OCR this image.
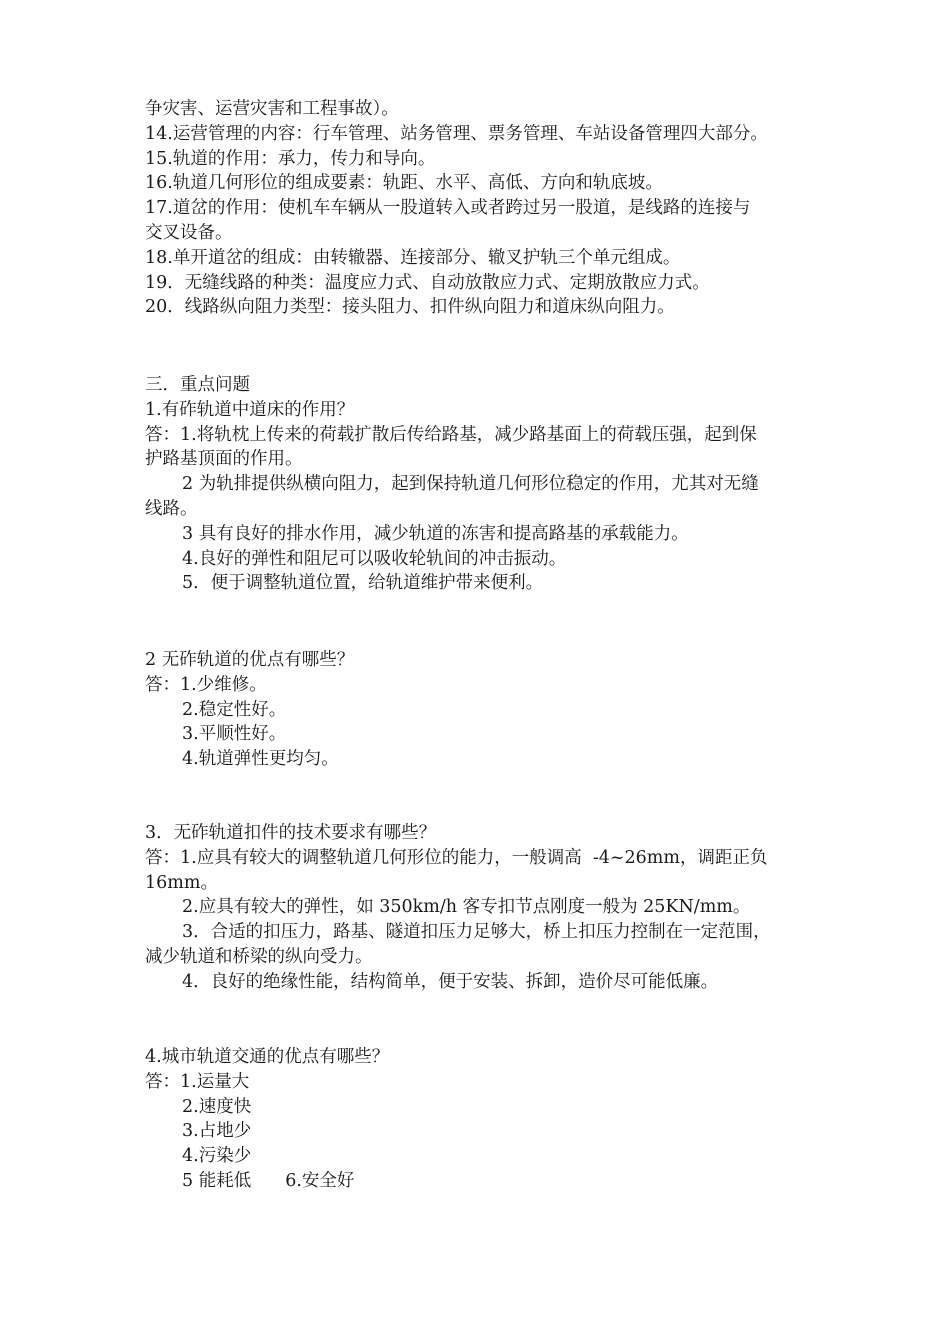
争灾害、运营灾害和工程事故）。
14.运营管理的内容：行车管理、站务管理、票务管理、车站设备管理四大部分。
15.轨道的作用：承力，传力和导向。
16.轨道几何形位的组成要素：轨距、水平、高低、方向和轨底坡。
17.道岔的作用：使机车车辆从一股道转入或者跨过另一股道，是线路的连接与
交叉设备。
18.单开道岔的组成：由转辙器、连接部分、辙叉护轨三个单元组成。
19．无缝线路的种类：温度应力式、自动放散应力式、定期放散应力式。
20．线路纵向阻力类型：接头阻力、扣件纵向阻力和道床纵向阻力。
三．重点问题
1.有砟轨道中道床的作用？
答：1.将轨枕上传来的荷载扩散后传给路基，减少路基面上的荷载压强，起到保
护路基顶面的作用。
2 为轨排提供纵横向阻力，起到保持轨道几何形位稳定的作用，尤其对无缝
线路。
3 具有良好的排水作用，减少轨道的冻害和提高路基的承载能力。
4.良好的弹性和阻尼可以吸收轮轨间的冲击振动。
5．便于调整轨道位置，给轨道维护带来便利。
2 无砟轨道的优点有哪些？
答：1.少维修。
2.稳定性好。
3.平顺性好。
4.轨道弹性更均匀。
3．无砟轨道扣件的技术要求有哪些？
答：1.应具有较大的调整轨道几何形位的能力，一般调高  -4~26mm，调距正负
16mm。
2.应具有较大的弹性，如 350km/h 客专扣节点刚度一般为 25KN/mm。
3．合适的扣压力，路基、隧道扣压力足够大，桥上扣压力控制在一定范围，
减少轨道和桥梁的纵向受力。
4．良好的绝缘性能，结构简单，便于安装、拆卸，造价尽可能低廉。
4.城市轨道交通的优点有哪些？
答：1.运量大
2.速度快
3.占地少
4.污染少
5 能耗低 6.安全好
